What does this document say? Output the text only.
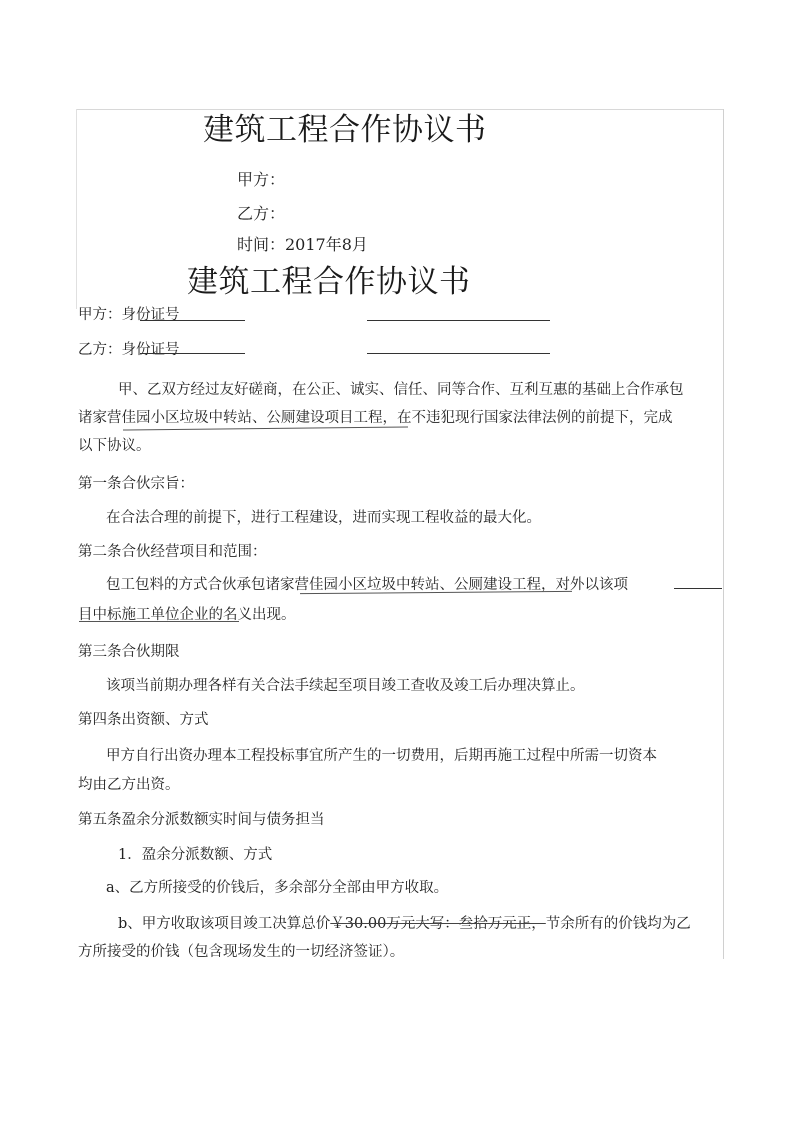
建筑工程合作协议书
甲方：
乙方：
时间：2017年8月
建筑工程合作协议书
甲方：身份证号
乙方：身份证号
甲、乙双方经过友好磋商，在公正、诚实、信任、同等合作、互利互惠的基础上合作承包
诸家营佳园小区垃圾中转站、公厕建设项目工程，在不违犯现行国家法律法例的前提下，完成
以下协议。
第一条合伙宗旨：
在合法合理的前提下，进行工程建设，进而实现工程收益的最大化。
第二条合伙经营项目和范围：
包工包料的方式合伙承包诸家营佳园小区垃圾中转站、公厕建设工程，对外以该项
目中标施工单位企业的名义出现。
第三条合伙期限
该项当前期办理各样有关合法手续起至项目竣工查收及竣工后办理决算止。
第四条出资额、方式
甲方自行出资办理本工程投标事宜所产生的一切费用，后期再施工过程中所需一切资本
均由乙方出资。
第五条盈余分派数额实时间与债务担当
1．盈余分派数额、方式
a、乙方所接受的价钱后，多余部分全部由甲方收取。
b、甲方收取该项目竣工决算总价￥30.00万元大写：叁拾万元正，节余所有的价钱均为乙
方所接受的价钱（包含现场发生的一切经济签证）。
